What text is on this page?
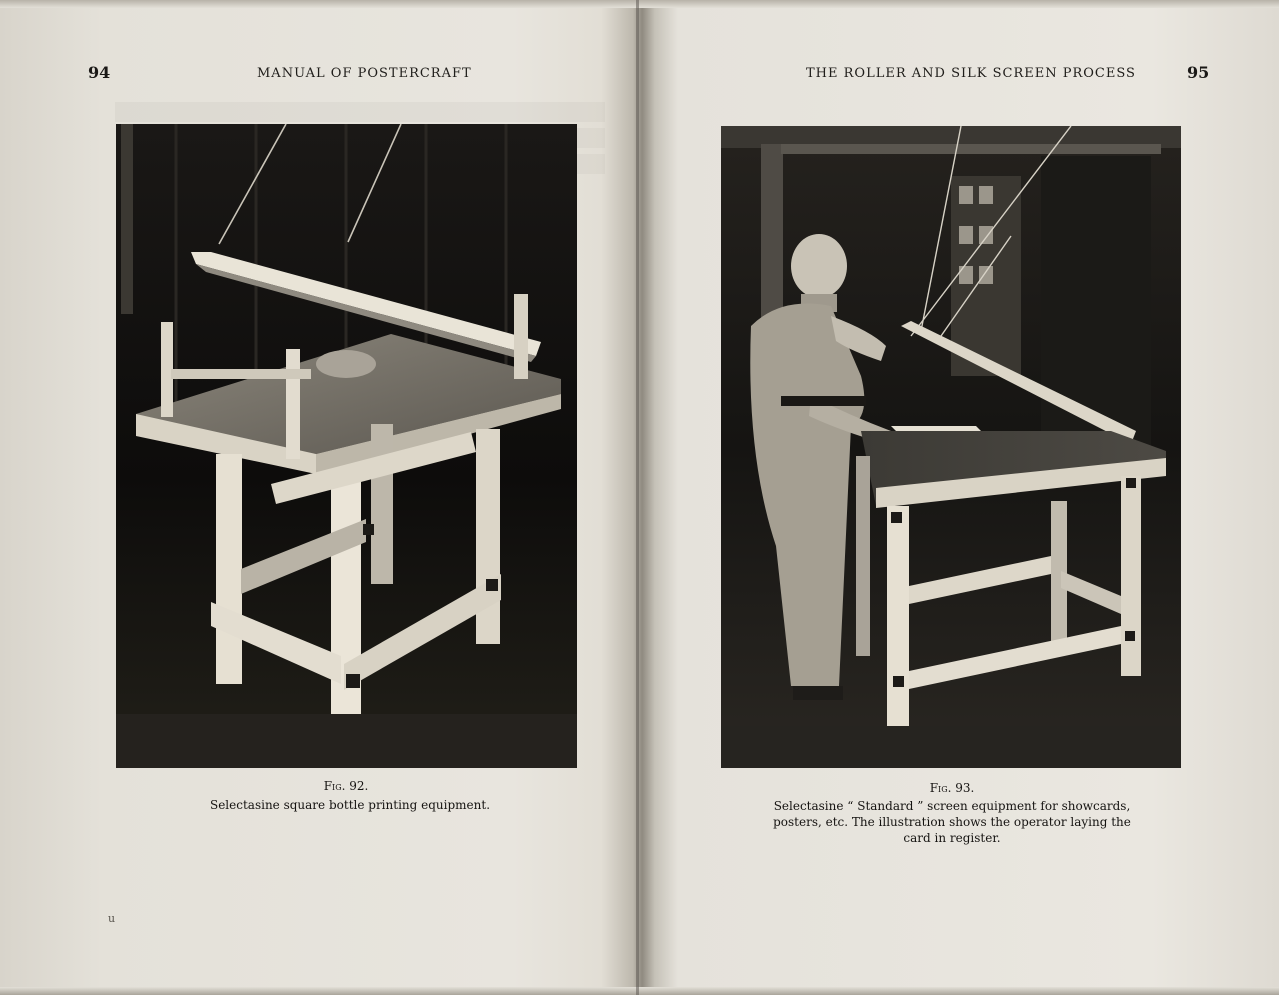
94	MANUAL OF POSTERCRAFT
Fig. 92.
Selectasine square bottle printing equipment.
u
THE ROLLER AND SILK SCREEN PROCESS	95
Fig. 93.
Selectasine “ Standard ” screen equipment for showcards,
posters, etc. The illustration shows the operator laying the
card in register.
